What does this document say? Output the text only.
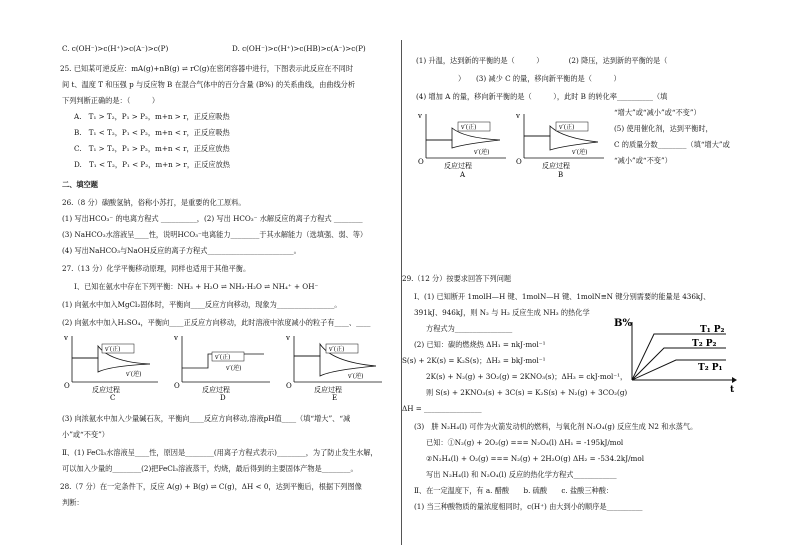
C. c(OH⁻)>c(H⁺)>c(A⁻)>c(P)	D. c(OH⁻)>c(H⁺)>c(HB)>c(A⁻)>c(P)
25. 已知某可逆反应：mA(g)+nB(g) ⇌ rC(g)在密闭容器中进行，下图表示此反应在不同时
间 t、温度 T 和压强 p 与反应物 B 在混合气体中的百分含量 (B%) 的关系曲线，由曲线分析
下列判断正确的是：（　　　）
A.　T₁ > T₂，P₁ > P₂，m+n > r，正反应吸热
B.　T₁ < T₂，P₁ < P₂，m+n < r，正反应吸热
C.　T₁ > T₂，P₁ > P₂，m+n < r，正反应放热
D.　T₁ < T₂，P₁ < P₂，m+n > r，正反应放热
二、填空题
26.（8 分）碳酸氢钠，俗称小苏打，是重要的化工原料。
(1) 写出HCO₃⁻ 的电离方程式 __________，(2) 写出 HCO₃⁻ 水解反应的离子方程式 ________
(3) NaHCO₃水溶液呈____性，说明HCO₃⁻电离能力________于其水解能力（选填强、弱、等）
(4) 写出NaHCO₃与NaOH反应的离子方程式________________________。
27.（13 分）化学平衡移动原理，同样也适用于其他平衡。
Ⅰ、已知在氨水中存在下列平衡：NH₃ + H₂O ⇌ NH₃·H₂O ⇌ NH₄⁺ + OH⁻
(1) 向氨水中加入MgCl₂固体时，平衡向____反应方向移动，现象为________________。
(2) 向氨水中加入H₂SO₄，平衡向____正反应方向移动，此时溶液中浓度减小的粒子有____、____
v
O
v′(正)
v′(逆)
反应过程
C
v
O
v′(正)
v′(逆)
反应过程
D
v
O
v′(正)
v′(逆)
反应过程
E
(3) 向浓氨水中加入少量碱石灰，平衡向____反应方向移动,溶液pH值____（填“增大”、“减
小”或“不变”）
Ⅱ、(1) FeCl₃水溶液呈____性，原因是________(用离子方程式表示)________，为了防止发生水解，
可以加入少量的________(2)把FeCl₃溶液蒸干，灼烧，最后得到的主要固体产物是________。
28.（7 分）在一定条件下，反应 A(g) + B(g) ⇌ C(g)，ΔH < 0，达到平衡后，根据下列图像
判断：
(1) 升温，达到新的平衡的是（　　　）　　　　(2) 降压，达到新的平衡的是（
）　　(3) 减少 C 的量，移向新平衡的是（　　　）
(4) 增加 A 的量，移向新平衡的是（　　　），此时 B 的转化率__________（填
“增大”或“减小”或“不变”）
(5) 使用催化剂，达到平衡时，
C 的质量分数________（填“增大”或
“减小”或“不变”）
v
O
v′(正)
v′(逆)
反应过程
A
v
O
v′(正)
v′(逆)
反应过程
B
29.（12 分）按要求回答下列问题
Ⅰ、(1) 已知断开 1molH—H 键、1molN—H 键、1molN≡N 键分别需要的能量是 436kJ、
391kJ、946kJ，则 N₂ 与 H₂ 反应生成 NH₃ 的热化学
方程式为________________
(2) 已知：碳的燃烧热 ΔH₁ = nkJ·mol⁻¹
S(s) + 2K(s) = K₂S(s)；ΔH₂ = bkJ·mol⁻¹
2K(s) + N₂(g) + 3O₂(g) = 2KNO₃(s)；ΔH₃ = ckJ·mol⁻¹，
则 S(s) + 2KNO₃(s) + 3C(s) = K₂S(s) + N₂(g) + 3CO₂(g)
ΔH = ________________
(3)　肼 N₂H₄(l) 可作为火箭发动机的燃料，与氧化剂 N₂O₄(g) 反应生成 N2 和水蒸气。
已知：①N₂(g) + 2O₂(g) === N₂O₄(l) ΔH₁ = -195kJ/mol
②N₂H₄(l) + O₂(g) === N₂(g) + 2H₂O(g) ΔH₂ = -534.2kJ/mol
写出 N₂H₄(l) 和 N₂O₄(l) 反应的热化学方程式____________
Ⅱ、在一定温度下，有 a. 醋酸　　b. 硫酸　　c. 盐酸三种酸：
(1) 当三种酸物质的量浓度相同时，c(H⁺) 由大到小的顺序是__________
B%
t
T₁ P₂
T₂ P₂
T₂ P₁
